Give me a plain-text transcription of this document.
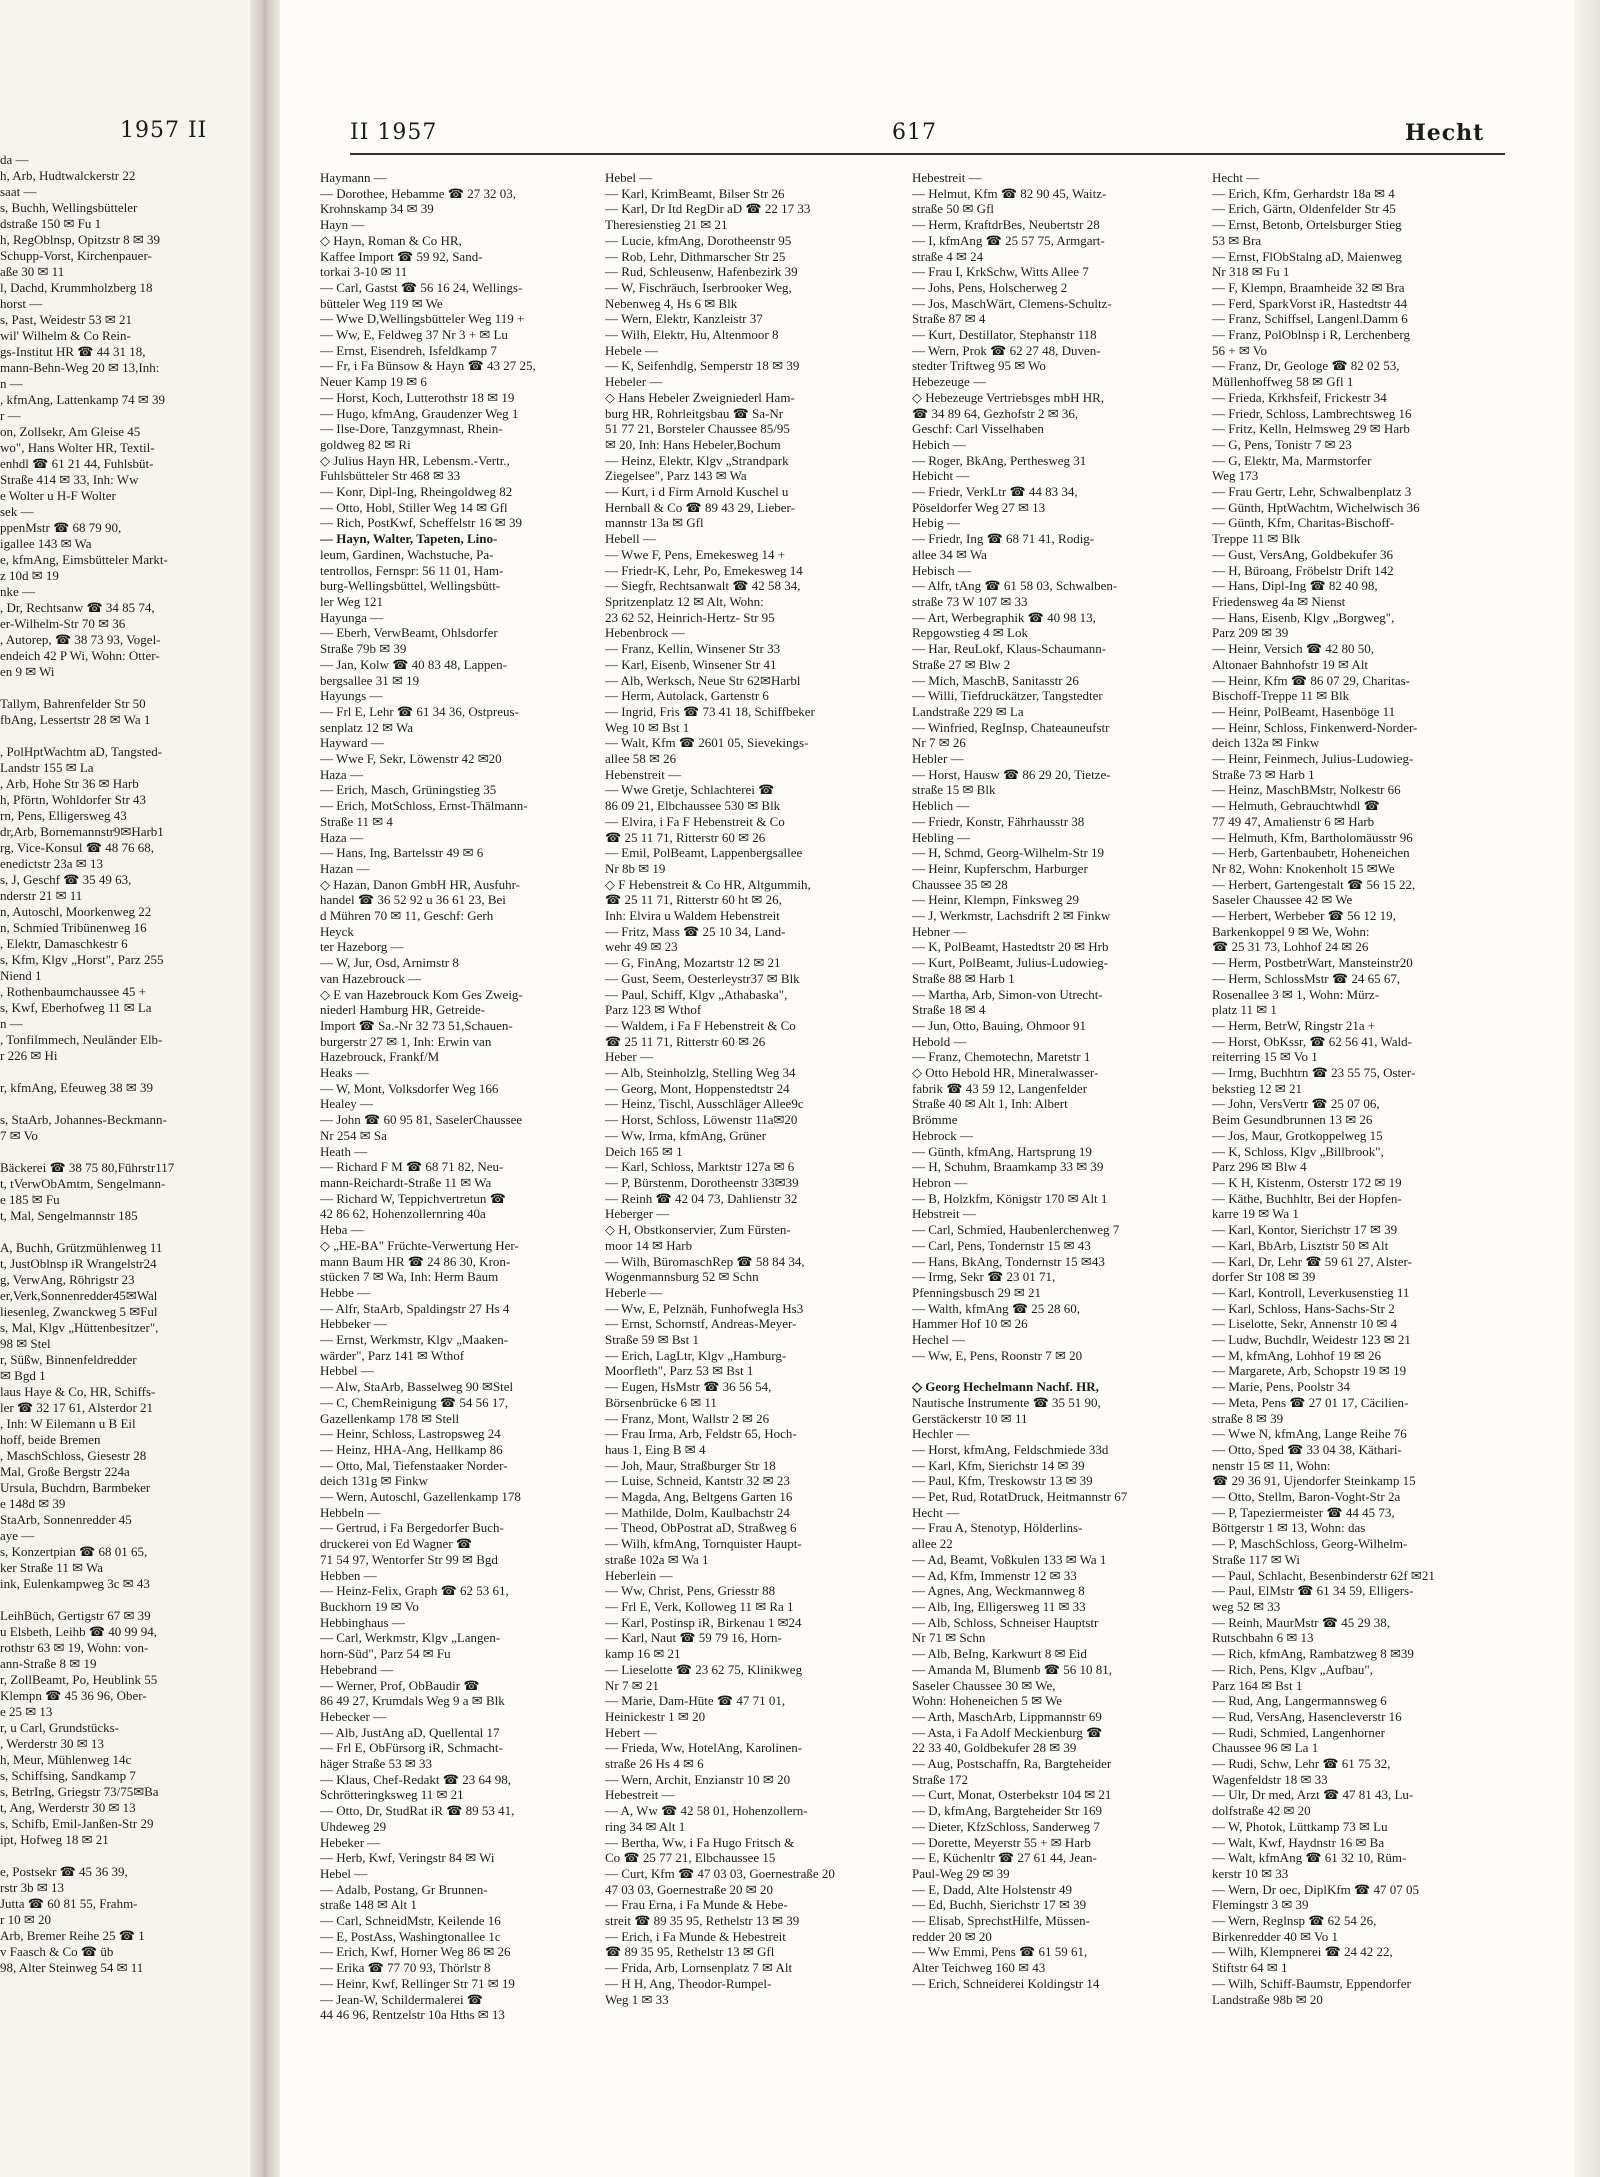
1957 II
da —
h, Arb, Hudtwalckerstr 22
saat —
s, Buchh, Wellingsbütteler
dstraße 150 ✉ Fu 1
h, RegOblnsp, Opitzstr 8 ✉ 39
Schupp-Vorst, Kirchenpauer-
aße 30 ✉ 11
l, Dachd, Krummholzberg 18
horst —
s, Past, Weidestr 53 ✉ 21
wil' Wilhelm & Co Rein-
gs-Institut HR ☎ 44 31 18,
mann-Behn-Weg 20 ✉ 13,Inh:
n —
, kfmAng, Lattenkamp 74 ✉ 39
r —
on, Zollsekr, Am Gleise 45
wo", Hans Wolter HR, Textil-
enhdl ☎ 61 21 44, Fuhlsbüt-
Straße 414 ✉ 33, Inh: Ww
e Wolter u H-F Wolter
sek —
ppenMstr ☎ 68 79 90,
igallee 143 ✉ Wa
e, kfmAng, Eimsbütteler Markt-
z 10d ✉ 19
nke —
, Dr, Rechtsanw ☎ 34 85 74,
er-Wilhelm-Str 70 ✉ 36
, Autorep, ☎ 38 73 93, Vogel-
endeich 42 P Wi, Wohn: Otter-
en 9 ✉ Wi

Tallym, Bahrenfelder Str 50
fbAng, Lessertstr 28 ✉ Wa 1

, PolHptWachtm aD, Tangsted-
Landstr 155 ✉ La
, Arb, Hohe Str 36 ✉ Harb
h, Pförtn, Wohldorfer Str 43
rn, Pens, Elligersweg 43
dr,Arb, Bornemannstr9✉Harb1
rg, Vice-Konsul ☎ 48 76 68,
enedictstr 23a ✉ 13
s, J, Geschf ☎ 35 49 63,
nderstr 21 ✉ 11
n, Autoschl, Moorkenweg 22
n, Schmied Tribünenweg 16
, Elektr, Damaschkestr 6
s, Kfm, Klgv „Horst", Parz 255
Niend 1
, Rothenbaumchaussee 45 +
s, Kwf, Eberhofweg 11 ✉ La
n —
, Tonfilmmech, Neuländer Elb-
r 226 ✉ Hi

r, kfmAng, Efeuweg 38 ✉ 39

s, StaArb, Johannes-Beckmann-
7 ✉ Vo

Bäckerei ☎ 38 75 80,Führstr117
t, tVerwObAmtm, Sengelmann-
e 185 ✉ Fu
t, Mal, Sengelmannstr 185

A, Buchh, Grützmühlenweg 11
t, JustOblnsp iR Wrangelstr24
g, VerwAng, Röhrigstr 23
er,Verk,Sonnenredder45✉Wal
liesenleg, Zwanckweg 5 ✉Ful
s, Mal, Klgv „Hüttenbesitzer",
98 ✉ Stel
r, Süßw, Binnenfeldredder
✉ Bgd 1
laus Haye & Co, HR, Schiffs-
ler ☎ 32 17 61, Alsterdor 21
, Inh: W Eilemann u B Eil
hoff, beide Bremen
, MaschSchloss, Giesestr 28
Mal, Große Bergstr 224a
Ursula, Buchdrn, Barmbeker
e 148d ✉ 39
StaArb, Sonnenredder 45
aye —
s, Konzertpian ☎ 68 01 65,
ker Straße 11 ✉ Wa
ink, Eulenkampweg 3c ✉ 43

LeihBüch, Gertigstr 67 ✉ 39
u Elsbeth, Leihb ☎ 40 99 94,
rothstr 63 ✉ 19, Wohn: von-
ann-Straße 8 ✉ 19
r, ZollBeamt, Po, Heublink 55
Klempn ☎ 45 36 96, Ober-
e 25 ✉ 13
r, u Carl, Grundstücks-
, Werderstr 30 ✉ 13
h, Meur, Mühlenweg 14c
s, Schiffsing, Sandkamp 7
s, BetrIng, Griegstr 73/75✉Ba
t, Ang, Werderstr 30 ✉ 13
s, Schifb, Emil-Janßen-Str 29
ipt, Hofweg 18 ✉ 21

e, Postsekr ☎ 45 36 39,
rstr 3b ✉ 13
Jutta ☎ 60 81 55, Frahm-
r 10 ✉ 20
Arb, Bremer Reihe 25 ☎ 1
v Faasch & Co ☎ üb
98, Alter Steinweg 54 ✉ 11
II 1957	617	Hecht
Haymann —
— Dorothee, Hebamme ☎ 27 32 03,
Krohnskamp 34 ✉ 39
Hayn —
◇ Hayn, Roman & Co HR,
Kaffee Import ☎ 59 92, Sand-
torkai 3-10 ✉ 11
— Carl, Gastst ☎ 56 16 24, Wellings-
bütteler Weg 119 ✉ We
— Wwe D,Wellingsbütteler Weg 119 +
— Ww, E, Feldweg 37 Nr 3 + ✉ Lu
— Ernst, Eisendreh, Isfeldkamp 7
— Fr, i Fa Bünsow & Hayn ☎ 43 27 25,
Neuer Kamp 19 ✉ 6
— Horst, Koch, Lutterothstr 18 ✉ 19
— Hugo, kfmAng, Graudenzer Weg 1
— Ilse-Dore, Tanzgymnast, Rhein-
goldweg 82 ✉ Ri
◇ Julius Hayn HR, Lebensm.-Vertr.,
Fuhlsbütteler Str 468 ✉ 33
— Konr, Dipl-Ing, Rheingoldweg 82
— Otto, Hobl, Stiller Weg 14 ✉ Gfl
— Rich, PostKwf, Scheffelstr 16 ✉ 39
— Hayn, Walter, Tapeten, Lino-
leum, Gardinen, Wachstuche, Pa-
tentrollos, Fernspr: 56 11 01, Ham-
burg-Wellingsbüttel, Wellingsbütt-
ler Weg 121
Hayunga —
— Eberh, VerwBeamt, Ohlsdorfer
Straße 79b ✉ 39
— Jan, Kolw ☎ 40 83 48, Lappen-
bergsallee 31 ✉ 19
Hayungs —
— Frl E, Lehr ☎ 61 34 36, Ostpreus-
senplatz 12 ✉ Wa
Hayward —
— Wwe F, Sekr, Löwenstr 42 ✉20
Haza —
— Erich, Masch, Grüningstieg 35
— Erich, MotSchloss, Ernst-Thälmann-
Straße 11 ✉ 4
Haza —
— Hans, Ing, Bartelsstr 49 ✉ 6
Hazan —
◇ Hazan, Danon GmbH HR, Ausfuhr-
handel ☎ 36 52 92 u 36 61 23, Bei
d Mühren 70 ✉ 11, Geschf: Gerh
Heyck
ter Hazeborg —
— W, Jur, Osd, Arnimstr 8
van Hazebrouck —
◇ E van Hazebrouck Kom Ges Zweig-
niederl Hamburg HR, Getreide-
Import ☎ Sa.-Nr 32 73 51,Schauen-
burgerstr 27 ✉ 1, Inh: Erwin van
Hazebrouck, Frankf/M
Heaks —
— W, Mont, Volksdorfer Weg 166
Healey —
— John ☎ 60 95 81, SaselerChaussee
Nr 254 ✉ Sa
Heath —
— Richard F M ☎ 68 71 82, Neu-
mann-Reichardt-Straße 11 ✉ Wa
— Richard W, Teppichvertretun ☎
42 86 62, Hohenzollernring 40a
Heba —
◇ „HE-BA" Früchte-Verwertung Her-
mann Baum HR ☎ 24 86 30, Kron-
stücken 7 ✉ Wa, Inh: Herm Baum
Hebbe —
— Alfr, StaArb, Spaldingstr 27 Hs 4
Hebbeker —
— Ernst, Werkmstr, Klgv „Maaken-
wärder", Parz 141 ✉ Wthof
Hebbel —
— Alw, StaArb, Basselweg 90 ✉Stel
— C, ChemReinigung ☎ 54 56 17,
Gazellenkamp 178 ✉ Stell
— Heinr, Schloss, Lastropsweg 24
— Heinz, HHA-Ang, Hellkamp 86
— Otto, Mal, Tiefenstaaker Norder-
deich 131g ✉ Finkw
— Wern, Autoschl, Gazellenkamp 178
Hebbeln —
— Gertrud, i Fa Bergedorfer Buch-
druckerei von Ed Wagner ☎
71 54 97, Wentorfer Str 99 ✉ Bgd
Hebben —
— Heinz-Felix, Graph ☎ 62 53 61,
Buckhorn 19 ✉ Vo
Hebbinghaus —
— Carl, Werkmstr, Klgv „Langen-
horn-Süd", Parz 54 ✉ Fu
Hebebrand —
— Werner, Prof, ObBaudir ☎
86 49 27, Krumdals Weg 9 a ✉ Blk
Hebecker —
— Alb, JustAng aD, Quellental 17
— Frl E, ObFürsorg iR, Schmacht-
häger Straße 53 ✉ 33
— Klaus, Chef-Redakt ☎ 23 64 98,
Schrötteringksweg 11 ✉ 21
— Otto, Dr, StudRat iR ☎ 89 53 41,
Uhdeweg 29
Hebeker —
— Herb, Kwf, Veringstr 84 ✉ Wi
Hebel —
— Adalb, Postang, Gr Brunnen-
straße 148 ✉ Alt 1
— Carl, SchneidMstr, Keilende 16
— E, PostAss, Washingtonallee 1c
— Erich, Kwf, Horner Weg 86 ✉ 26
— Erika ☎ 77 70 93, Thörlstr 8
— Heinr, Kwf, Rellinger Str 71 ✉ 19
— Jean-W, Schildermalerei ☎
44 46 96, Rentzelstr 10a Hths ✉ 13
Hebel —
— Karl, KrimBeamt, Bilser Str 26
— Karl, Dr Itd RegDir aD ☎ 22 17 33
Theresienstieg 21 ✉ 21
— Lucie, kfmAng, Dorotheenstr 95
— Rob, Lehr, Dithmarscher Str 25
— Rud, Schleusenw, Hafenbezirk 39
— W, Fischräuch, Iserbrooker Weg,
Nebenweg 4, Hs 6 ✉ Blk
— Wern, Elektr, Kanzleistr 37
— Wilh, Elektr, Hu, Altenmoor 8
Hebele —
— K, Seifenhdlg, Semperstr 18 ✉ 39
Hebeler —
◇ Hans Hebeler Zweigniederl Ham-
burg HR, Rohrleitgsbau ☎ Sa-Nr
51 77 21, Borsteler Chaussee 85/95
✉ 20, Inh: Hans Hebeler,Bochum
— Heinz, Elektr, Klgv „Strandpark
Ziegelsee", Parz 143 ✉ Wa
— Kurt, i d Firm Arnold Kuschel u
Hernball & Co ☎ 89 43 29, Lieber-
mannstr 13a ✉ Gfl
Hebell —
— Wwe F, Pens, Emekesweg 14 +
— Friedr-K, Lehr, Po, Emekesweg 14
— Siegfr, Rechtsanwalt ☎ 42 58 34,
Spritzenplatz 12 ✉ Alt, Wohn:
23 62 52, Heinrich-Hertz- Str 95
Hebenbrock —
— Franz, Kellin, Winsener Str 33
— Karl, Eisenb, Winsener Str 41
— Alb, Werksch, Neue Str 62✉Harbl
— Herm, Autolack, Gartenstr 6
— Ingrid, Fris ☎ 73 41 18, Schiffbeker
Weg 10 ✉ Bst 1
— Walt, Kfm ☎ 2601 05, Sievekings-
allee 58 ✉ 26
Hebenstreit —
— Wwe Gretje, Schlachterei ☎
86 09 21, Elbchaussee 530 ✉ Blk
— Elvira, i Fa F Hebenstreit & Co
☎ 25 11 71, Ritterstr 60 ✉ 26
— Emil, PolBeamt, Lappenbergsallee
Nr 8b ✉ 19
◇ F Hebenstreit & Co HR, Altgummih,
☎ 25 11 71, Ritterstr 60 ht ✉ 26,
Inh: Elvira u Waldem Hebenstreit
— Fritz, Mass ☎ 25 10 34, Land-
wehr 49 ✉ 23
— G, FinAng, Mozartstr 12 ✉ 21
— Gust, Seem, Oesterleystr37 ✉ Blk
— Paul, Schiff, Klgv „Athabaska",
Parz 123 ✉ Wthof
— Waldem, i Fa F Hebenstreit & Co
☎ 25 11 71, Ritterstr 60 ✉ 26
Heber —
— Alb, Steinholzlg, Stelling Weg 34
— Georg, Mont, Hoppenstedtstr 24
— Heinz, Tischl, Ausschläger Allee9c
— Horst, Schloss, Löwenstr 11a✉20
— Ww, Irma, kfmAng, Grüner
Deich 165 ✉ 1
— Karl, Schloss, Marktstr 127a ✉ 6
— P, Bürstenm, Dorotheenstr 33✉39
— Reinh ☎ 42 04 73, Dahlienstr 32
Heberger —
◇ H, Obstkonservier, Zum Fürsten-
moor 14 ✉ Harb
— Wilh, BüromaschRep ☎ 58 84 34,
Wogenmannsburg 52 ✉ Schn
Heberle —
— Ww, E, Pelznäh, Funhofwegla Hs3
— Ernst, Schornstf, Andreas-Meyer-
Straße 59 ✉ Bst 1
— Erich, LagLtr, Klgv „Hamburg-
Moorfleth", Parz 53 ✉ Bst 1
— Eugen, HsMstr ☎ 36 56 54,
Börsenbrücke 6 ✉ 11
— Franz, Mont, Wallstr 2 ✉ 26
— Frau Irma, Arb, Feldstr 65, Hoch-
haus 1, Eing B ✉ 4
— Joh, Maur, Straßburger Str 18
— Luise, Schneid, Kantstr 32 ✉ 23
— Magda, Ang, Beltgens Garten 16
— Mathilde, Dolm, Kaulbachstr 24
— Theod, ObPostrat aD, Straßweg 6
— Wilh, kfmAng, Tornquister Haupt-
straße 102a ✉ Wa 1
Heberlein —
— Ww, Christ, Pens, Griesstr 88
— Frl E, Verk, Kolloweg 11 ✉ Ra 1
— Karl, Postinsp iR, Birkenau 1 ✉24
— Karl, Naut ☎ 59 79 16, Horn-
kamp 16 ✉ 21
— Lieselotte ☎ 23 62 75, Klinikweg
Nr 7 ✉ 21
— Marie, Dam-Hüte ☎ 47 71 01,
Heinickestr 1 ✉ 20
Hebert —
— Frieda, Ww, HotelAng, Karolinen-
straße 26 Hs 4 ✉ 6
— Wern, Archit, Enzianstr 10 ✉ 20
Hebestreit —
— A, Ww ☎ 42 58 01, Hohenzollern-
ring 34 ✉ Alt 1
— Bertha, Ww, i Fa Hugo Fritsch &
Co ☎ 25 77 21, Elbchaussee 15
— Curt, Kfm ☎ 47 03 03, Goernestraße 20
47 03 03, Goernestraße 20 ✉ 20
— Frau Erna, i Fa Munde & Hebe-
streit ☎ 89 35 95, Rethelstr 13 ✉ 39
— Erich, i Fa Munde & Hebestreit
☎ 89 35 95, Rethelstr 13 ✉ Gfl
— Frida, Arb, Lornsenplatz 7 ✉ Alt
— H H, Ang, Theodor-Rumpel-
Weg 1 ✉ 33
Hebestreit —
— Helmut, Kfm ☎ 82 90 45, Waitz-
straße 50 ✉ Gfl
— Herm, KraftdrBes, Neubertstr 28
— I, kfmAng ☎ 25 57 75, Armgart-
straße 4 ✉ 24
— Frau I, KrkSchw, Witts Allee 7
— Johs, Pens, Holscherweg 2
— Jos, MaschWärt, Clemens-Schultz-
Straße 87 ✉ 4
— Kurt, Destillator, Stephanstr 118
— Wern, Prok ☎ 62 27 48, Duven-
stedter Triftweg 95 ✉ Wo
Hebezeuge —
◇ Hebezeuge Vertriebsges mbH HR,
☎ 34 89 64, Gezhofstr 2 ✉ 36,
Geschf: Carl Visselhaben
Hebich —
— Roger, BkAng, Perthesweg 31
Hebicht —
— Friedr, VerkLtr ☎ 44 83 34,
Pöseldorfer Weg 27 ✉ 13
Hebig —
— Friedr, Ing ☎ 68 71 41, Rodig-
allee 34 ✉ Wa
Hebisch —
— Alfr, tAng ☎ 61 58 03, Schwalben-
straße 73 W 107 ✉ 33
— Art, Werbegraphik ☎ 40 98 13,
Repgowstieg 4 ✉ Lok
— Har, ReuLokf, Klaus-Schaumann-
Straße 27 ✉ Blw 2
— Mich, MaschB, Sanitasstr 26
— Willi, Tiefdruckätzer, Tangstedter
Landstraße 229 ✉ La
— Winfried, RegInsp, Chateauneufstr
Nr 7 ✉ 26
Hebler —
— Horst, Hausw ☎ 86 29 20, Tietze-
straße 15 ✉ Blk
Heblich —
— Friedr, Konstr, Fährhausstr 38
Hebling —
— H, Schmd, Georg-Wilhelm-Str 19
— Heinr, Kupferschm, Harburger
Chaussee 35 ✉ 28
— Heinr, Klempn, Finksweg 29
— J, Werkmstr, Lachsdrift 2 ✉ Finkw
Hebner —
— K, PolBeamt, Hastedtstr 20 ✉ Hrb
— Kurt, PolBeamt, Julius-Ludowieg-
Straße 88 ✉ Harb 1
— Martha, Arb, Simon-von Utrecht-
Straße 18 ✉ 4
— Jun, Otto, Bauing, Ohmoor 91
Hebold —
— Franz, Chemotechn, Maretstr 1
◇ Otto Hebold HR, Mineralwasser-
fabrik ☎ 43 59 12, Langenfelder
Straße 40 ✉ Alt 1, Inh: Albert
Brömme
Hebrock —
— Günth, kfmAng, Hartsprung 19
— H, Schuhm, Braamkamp 33 ✉ 39
Hebron —
— B, Holzkfm, Königstr 170 ✉ Alt 1
Hebstreit —
— Carl, Schmied, Haubenlerchenweg 7
— Carl, Pens, Tondernstr 15 ✉ 43
— Hans, BkAng, Tondernstr 15 ✉43
— Irmg, Sekr ☎ 23 01 71,
Pfenningsbusch 29 ✉ 21
— Walth, kfmAng ☎ 25 28 60,
Hammer Hof 10 ✉ 26
Hechel —
— Ww, E, Pens, Roonstr 7 ✉ 20

◇ Georg Hechelmann Nachf. HR,
Nautische Instrumente ☎ 35 51 90,
Gerstäckerstr 10 ✉ 11
Hechler —
— Horst, kfmAng, Feldschmiede 33d
— Karl, Kfm, Sierichstr 14 ✉ 39
— Paul, Kfm, Treskowstr 13 ✉ 39
— Pet, Rud, RotatDruck, Heitmannstr 67
Hecht —
— Frau A, Stenotyp, Hölderlins-
allee 22
— Ad, Beamt, Voßkulen 133 ✉ Wa 1
— Ad, Kfm, Immenstr 12 ✉ 33
— Agnes, Ang, Weckmannweg 8
— Alb, Ing, Elligersweg 11 ✉ 33
— Alb, Schloss, Schneiser Hauptstr
Nr 71 ✉ Schn
— Alb, BeIng, Karkwurt 8 ✉ Eid
— Amanda M, Blumenb ☎ 56 10 81,
Saseler Chaussee 30 ✉ We,
Wohn: Hoheneichen 5 ✉ We
— Arth, MaschArb, Lippmannstr 69
— Asta, i Fa Adolf Meckienburg ☎
22 33 40, Goldbekufer 28 ✉ 39
— Aug, Postschaffn, Ra, Bargteheider
Straße 172
— Curt, Monat, Osterbekstr 104 ✉ 21
— D, kfmAng, Bargteheider Str 169
— Dieter, KfzSchloss, Sanderweg 7
— Dorette, Meyerstr 55 + ✉ Harb
— E, Küchenltr ☎ 27 61 44, Jean-
Paul-Weg 29 ✉ 39
— E, Dadd, Alte Holstenstr 49
— Ed, Buchh, Sierichstr 17 ✉ 39
— Elisab, SprechstHilfe, Müssen-
redder 20 ✉ 20
— Ww Emmi, Pens ☎ 61 59 61,
Alter Teichweg 160 ✉ 43
— Erich, Schneiderei Koldingstr 14
Hecht —
— Erich, Kfm, Gerhardstr 18a ✉ 4
— Erich, Gärtn, Oldenfelder Str 45
— Ernst, Betonb, Ortelsburger Stieg
53 ✉ Bra
— Ernst, FlObStalng aD, Maienweg
Nr 318 ✉ Fu 1
— F, Klempn, Braamheide 32 ✉ Bra
— Ferd, SparkVorst iR, Hastedtstr 44
— Franz, Schiffsel, Langenl.Damm 6
— Franz, PolOblnsp i R, Lerchenberg
56 + ✉ Vo
— Franz, Dr, Geologe ☎ 82 02 53,
Müllenhoffweg 58 ✉ Gfl 1
— Frieda, Krkhsfeif, Frickestr 34
— Friedr, Schloss, Lambrechtsweg 16
— Fritz, Kelln, Helmsweg 29 ✉ Harb
— G, Pens, Tonistr 7 ✉ 23
— G, Elektr, Ma, Marmstorfer
Weg 173
— Frau Gertr, Lehr, Schwalbenplatz 3
— Günth, HptWachtm, Wichelwisch 36
— Günth, Kfm, Charitas-Bischoff-
Treppe 11 ✉ Blk
— Gust, VersAng, Goldbekufer 36
— H, Büroang, Fröbelstr Drift 142
— Hans, Dipl-Ing ☎ 82 40 98,
Friedensweg 4a ✉ Nienst
— Hans, Eisenb, Klgv „Borgweg",
Parz 209 ✉ 39
— Heinr, Versich ☎ 42 80 50,
Altonaer Bahnhofstr 19 ✉ Alt
— Heinr, Kfm ☎ 86 07 29, Charitas-
Bischoff-Treppe 11 ✉ Blk
— Heinr, PolBeamt, Hasenböge 11
— Heinr, Schloss, Finkenwerd-Norder-
deich 132a ✉ Finkw
— Heinr, Feinmech, Julius-Ludowieg-
Straße 73 ✉ Harb 1
— Heinz, MaschBMstr, Nolkestr 66
— Helmuth, Gebrauchtwhdl ☎
77 49 47, Amalienstr 6 ✉ Harb
— Helmuth, Kfm, Bartholomäusstr 96
— Herb, Gartenbaubetr, Hoheneichen
Nr 82, Wohn: Knokenholt 15 ✉We
— Herbert, Gartengestalt ☎ 56 15 22,
Saseler Chaussee 42 ✉ We
— Herbert, Werbeber ☎ 56 12 19,
Barkenkoppel 9 ✉ We, Wohn:
☎ 25 31 73, Lohhof 24 ✉ 26
— Herm, PostbetrWart, Mansteinstr20
— Herm, SchlossMstr ☎ 24 65 67,
Rosenallee 3 ✉ 1, Wohn: Mürz-
platz 11 ✉ 1
— Herm, BetrW, Ringstr 21a +
— Horst, ObKssr, ☎ 62 56 41, Wald-
reiterring 15 ✉ Vo 1
— Irmg, Buchhtrn ☎ 23 55 75, Oster-
bekstieg 12 ✉ 21
— John, VersVertr ☎ 25 07 06,
Beim Gesundbrunnen 13 ✉ 26
— Jos, Maur, Grotkoppelweg 15
— K, Schloss, Klgv „Billbrook",
Parz 296 ✉ Blw 4
— K H, Kistenm, Osterstr 172 ✉ 19
— Käthe, Buchhltr, Bei der Hopfen-
karre 19 ✉ Wa 1
— Karl, Kontor, Sierichstr 17 ✉ 39
— Karl, BbArb, Lisztstr 50 ✉ Alt
— Karl, Dr, Lehr ☎ 59 61 27, Alster-
dorfer Str 108 ✉ 39
— Karl, Kontroll, Leverkusenstieg 11
— Karl, Schloss, Hans-Sachs-Str 2
— Liselotte, Sekr, Annenstr 10 ✉ 4
— Ludw, Buchdlr, Weidestr 123 ✉ 21
— M, kfmAng, Lohhof 19 ✉ 26
— Margarete, Arb, Schopstr 19 ✉ 19
— Marie, Pens, Poolstr 34
— Meta, Pens ☎ 27 01 17, Cäcilien-
straße 8 ✉ 39
— Wwe N, kfmAng, Lange Reihe 76
— Otto, Sped ☎ 33 04 38, Käthari-
nenstr 15 ✉ 11, Wohn:
☎ 29 36 91, Ujendorfer Steinkamp 15
— Otto, Stellm, Baron-Voght-Str 2a
— P, Tapeziermeister ☎ 44 45 73,
Böttgerstr 1 ✉ 13, Wohn: das
— P, MaschSchloss, Georg-Wilhelm-
Straße 117 ✉ Wi
— Paul, Schlacht, Besenbinderstr 62f ✉21
— Paul, ElMstr ☎ 61 34 59, Elligers-
weg 52 ✉ 33
— Reinh, MaurMstr ☎ 45 29 38,
Rutschbahn 6 ✉ 13
— Rich, kfmAng, Rambatzweg 8 ✉39
— Rich, Pens, Klgv „Aufbau",
Parz 164 ✉ Bst 1
— Rud, Ang, Langermannsweg 6
— Rud, VersAng, Hasencleverstr 16
— Rudi, Schmied, Langenhorner
Chaussee 96 ✉ La 1
— Rudi, Schw, Lehr ☎ 61 75 32,
Wagenfeldstr 18 ✉ 33
— Ulr, Dr med, Arzt ☎ 47 81 43, Lu-
dolfstraße 42 ✉ 20
— W, Photok, Lüttkamp 73 ✉ Lu
— Walt, Kwf, Haydnstr 16 ✉ Ba
— Walt, kfmAng ☎ 61 32 10, Rüm-
kerstr 10 ✉ 33
— Wern, Dr oec, DiplKfm ☎ 47 07 05
Flemingstr 3 ✉ 39
— Wern, Reglnsp ☎ 62 54 26,
Birkenredder 40 ✉ Vo 1
— Wilh, Klempnerei ☎ 24 42 22,
Stiftstr 64 ✉ 1
— Wilh, Schiff-Baumstr, Eppendorfer
Landstraße 98b ✉ 20
